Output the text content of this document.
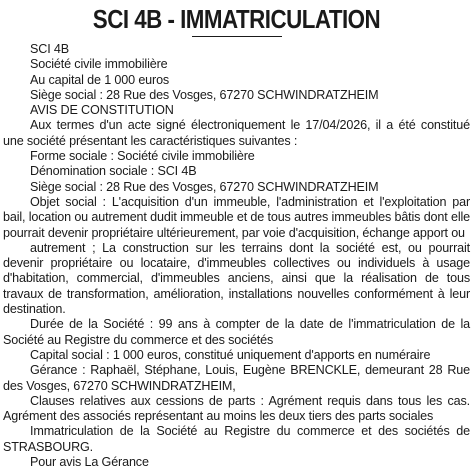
SCI 4B - IMMATRICULATION

SCI 4B

Société civile immobilière

Au capital de 1 000 euros

Siège social : 28 Rue des Vosges, 67270 SCHWINDRATZHEIM

AVIS DE CONSTITUTION

Aux termes d'un acte signé électroniquement le 17/04/2026, il a été constitué une société présentant les caractéristiques suivantes :

Forme sociale : Société civile immobilière

Dénomination sociale : SCI 4B

Siège social : 28 Rue des Vosges, 67270 SCHWINDRATZHEIM

Objet social : L'acquisition d'un immeuble, l'administration et l'exploitation par bail, location ou autrement dudit immeuble et de tous autres immeubles bâtis dont elle pourrait devenir propriétaire ultérieurement, par voie d'acquisition, échange apport ou

autrement ; La construction sur les terrains dont la société est, ou pourrait devenir propriétaire ou locataire, d'immeubles collectives ou individuels à usage d'habitation, commercial, d'immeubles anciens, ainsi que la réalisation de tous travaux de transformation, amélioration, installations nouvelles conformément à leur destination.

Durée de la Société : 99 ans à compter de la date de l'immatriculation de la Société au Registre du commerce et des sociétés

Capital social : 1 000 euros, constitué uniquement d'apports en numéraire

Gérance : Raphaël, Stéphane, Louis, Eugène BRENCKLE, demeurant 28 Rue des Vosges, 67270 SCHWINDRATZHEIM,

Clauses relatives aux cessions de parts : Agrément requis dans tous les cas. Agrément des associés représentant au moins les deux tiers des parts sociales

Immatriculation de la Société au Registre du commerce et des sociétés de STRASBOURG.

Pour avis La Gérance
